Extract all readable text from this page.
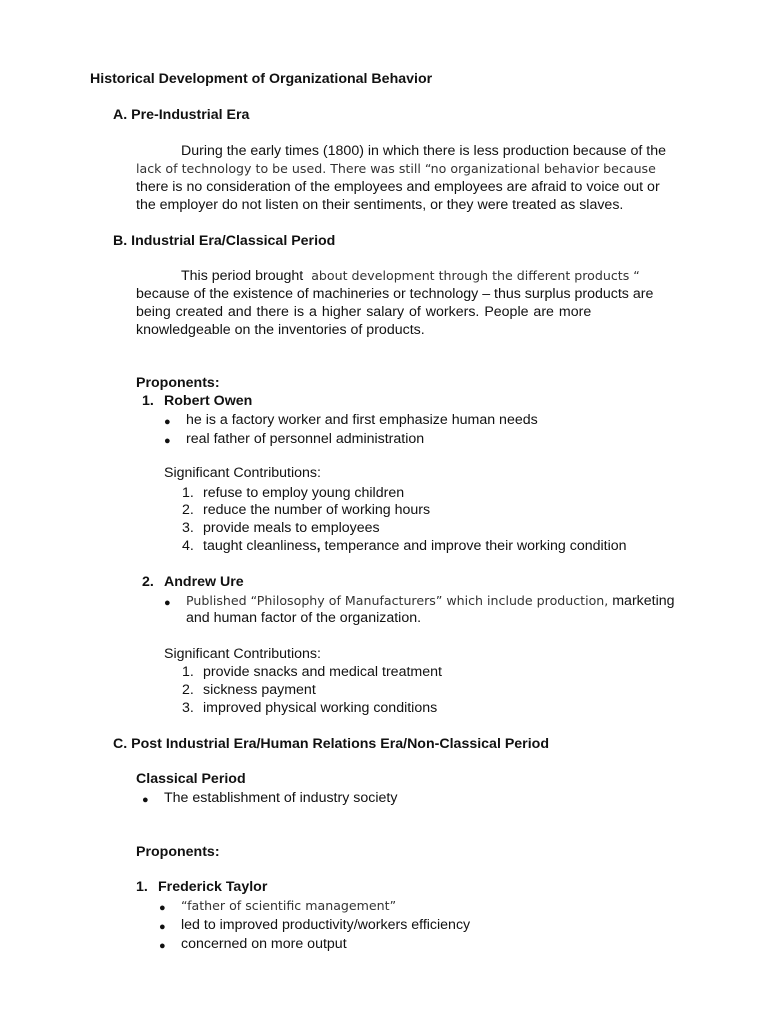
Historical Development of Organizational Behavior
A. Pre-Industrial Era
During the early times (1800) in which there is less production because of the
lack of technology to be used. There was still “no organizational behavior because
there is no consideration of the employees and employees are afraid to voice out or
the employer do not listen on their sentiments, or they were treated as slaves.
B. Industrial Era/Classical Period
This period brought about development through the different products “
because of the existence of machineries or technology – thus surplus products are
being created and there is a higher salary of workers. People are more
knowledgeable on the inventories of products.
Proponents:
1. Robert Owen
● he is a factory worker and first emphasize human needs
● real father of personnel administration
Significant Contributions:
1. refuse to employ young children
2. reduce the number of working hours
3. provide meals to employees
4. taught cleanliness, temperance and improve their working condition
2. Andrew Ure
● Published “Philosophy of Manufacturers” which include production, marketing
and human factor of the organization.
Significant Contributions:
1. provide snacks and medical treatment
2. sickness payment
3. improved physical working conditions
C. Post Industrial Era/Human Relations Era/Non-Classical Period
Classical Period
● The establishment of industry society
Proponents:
1. Frederick Taylor
● “father of scientific management”
● led to improved productivity/workers efficiency
● concerned on more output
